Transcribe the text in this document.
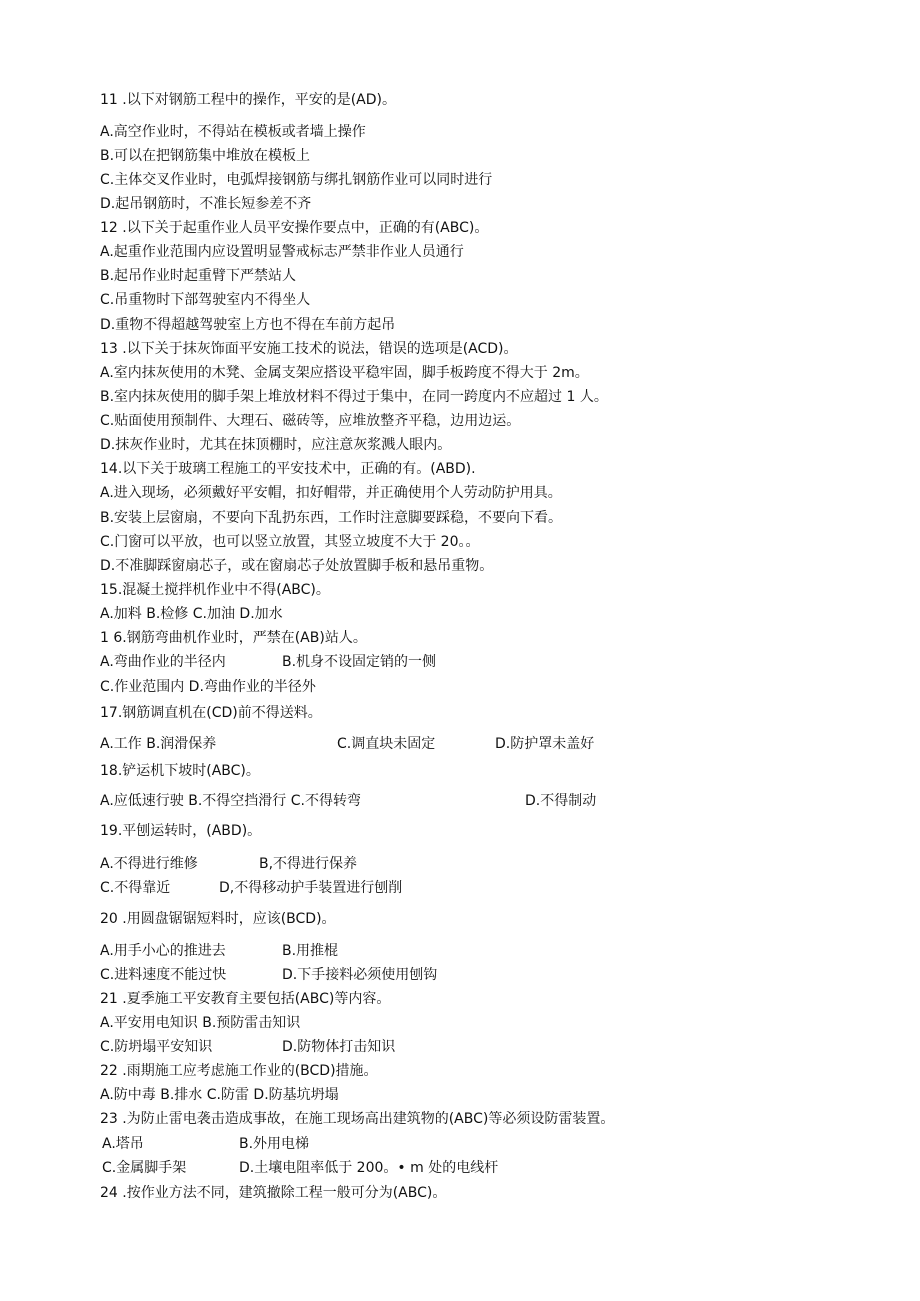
11 .以下对钢筋工程中的操作，平安的是(AD)。
A.高空作业时，不得站在模板或者墙上操作
B.可以在把钢筋集中堆放在模板上
C.主体交叉作业时，电弧焊接钢筋与绑扎钢筋作业可以同时进行
D.起吊钢筋时，不准长短参差不齐
12 .以下关于起重作业人员平安操作要点中，正确的有(ABC)。
A.起重作业范围内应设置明显警戒标志严禁非作业人员通行
B.起吊作业时起重臂下严禁站人
C.吊重物时下部驾驶室内不得坐人
D.重物不得超越驾驶室上方也不得在车前方起吊
13 .以下关于抹灰饰面平安施工技术的说法，错误的选项是(ACD)。
A.室内抹灰使用的木凳、金属支架应搭设平稳牢固，脚手板跨度不得大于 2m。
B.室内抹灰使用的脚手架上堆放材料不得过于集中，在同一跨度内不应超过 1 人。
C.贴面使用预制件、大理石、磁砖等，应堆放整齐平稳，边用边运。
D.抹灰作业时，尤其在抹顶棚时，应注意灰浆溅人眼内。
14.以下关于玻璃工程施工的平安技术中，正确的有。(ABD).
A.进入现场，必须戴好平安帽，扣好帽带，并正确使用个人劳动防护用具。
B.安装上层窗扇，不要向下乱扔东西，工作时注意脚要踩稳，不要向下看。
C.门窗可以平放，也可以竖立放置，其竖立坡度不大于 20。。
D.不准脚踩窗扇芯子，或在窗扇芯子处放置脚手板和悬吊重物。
15.混凝土搅拌机作业中不得(ABC)。
A.加料 B.检修 C.加油 D.加水
1 6.钢筋弯曲机作业时，严禁在(AB)站人。
A.弯曲作业的半径内	B.机身不设固定销的一侧
C.作业范围内 D.弯曲作业的半径外
17.钢筋调直机在(CD)前不得送料。
A.工作 B.润滑保养	C.调直块未固定	D.防护罩未盖好
18.铲运机下坡时(ABC)。
A.应低速行驶 B.不得空挡滑行 C.不得转弯	D.不得制动
19.平刨运转时，(ABD)。
A.不得进行维修	B,不得进行保养
C.不得靠近	D,不得移动护手装置进行刨削
20 .用圆盘锯锯短料时，应该(BCD)。
A.用手小心的推进去	B.用推棍
C.进料速度不能过快	D.下手接料必须使用刨钩
21 .夏季施工平安教育主要包括(ABC)等内容。
A.平安用电知识 B.预防雷击知识
C.防坍塌平安知识	D.防物体打击知识
22 .雨期施工应考虑施工作业的(BCD)措施。
A.防中毒 B.排水 C.防雷 D.防基坑坍塌
23 .为防止雷电袭击造成事故，在施工现场高出建筑物的(ABC)等必须设防雷装置。
A.塔吊	B.外用电梯
C.金属脚手架	D.土壤电阻率低于 200。• m 处的电线杆
24 .按作业方法不同，建筑撤除工程一般可分为(ABC)。
